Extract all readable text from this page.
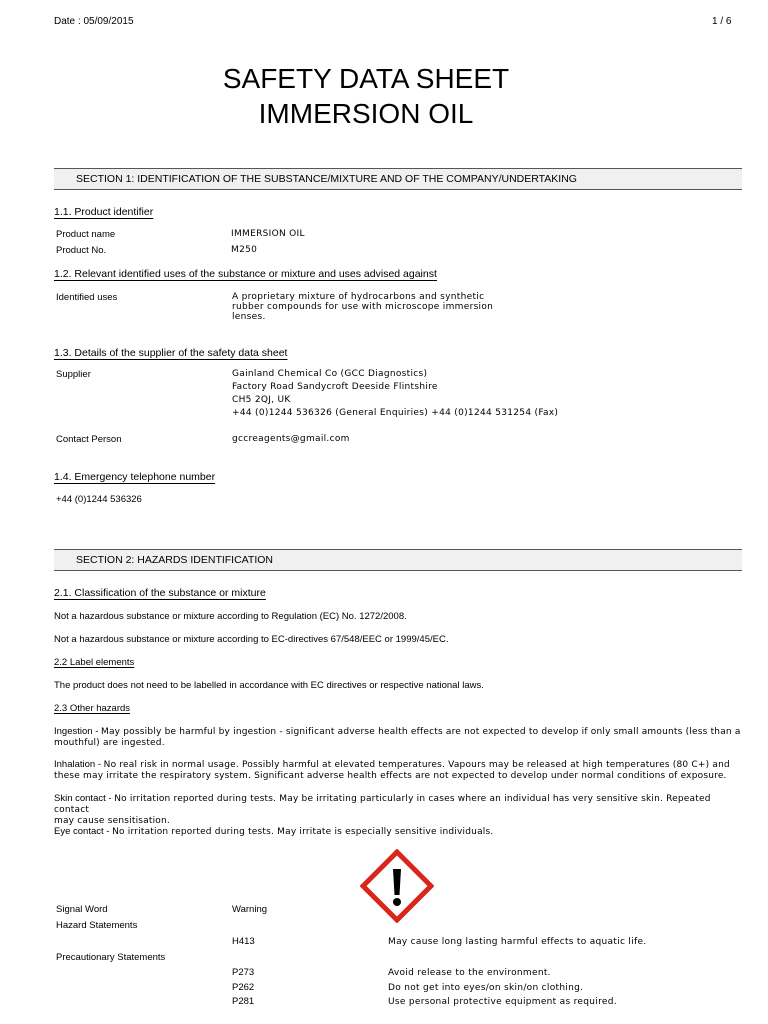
Date : 05/09/2015	1 / 6
SAFETY DATA SHEET
IMMERSION OIL
SECTION 1: IDENTIFICATION OF THE SUBSTANCE/MIXTURE AND OF THE COMPANY/UNDERTAKING
1.1. Product identifier
Product name	IMMERSION OIL
Product No.	M250
1.2. Relevant identified uses of the substance or mixture and uses advised against
Identified uses	A proprietary mixture of hydrocarbons and synthetic
rubber compounds for use with microscope immersion
lenses.
1.3. Details of the supplier of the safety data sheet
Supplier	Gainland Chemical Co (GCC Diagnostics)
Factory Road Sandycroft Deeside Flintshire
CH5 2QJ, UK
+44 (0)1244 536326 (General Enquiries) +44 (0)1244 531254 (Fax)
Contact Person	gccreagents@gmail.com
1.4. Emergency telephone number
+44 (0)1244 536326
SECTION 2: HAZARDS IDENTIFICATION
2.1. Classification of the substance or mixture
Not a hazardous substance or mixture according to Regulation (EC) No. 1272/2008.
Not a hazardous substance or mixture according to EC-directives 67/548/EEC or 1999/45/EC.
2.2 Label elements
The product does not need to be labelled in accordance with EC directives or respective national laws.
2.3 Other hazards
Ingestion - May possibly be harmful by ingestion - significant adverse health effects are not expected to develop if only small amounts (less than a
mouthful) are ingested.
Inhalation - No real risk in normal usage. Possibly harmful at elevated temperatures. Vapours may be released at high temperatures (80 C+) and
these may irritate the respiratory system. Significant adverse health effects are not expected to develop under normal conditions of exposure.
Skin contact - No irritation reported during tests. May be irritating particularly in cases where an individual has very sensitive skin. Repeated contact
may cause sensitisation.
Eye contact - No irritation reported during tests. May irritate is especially sensitive individuals.
Signal Word	Warning
Hazard Statements
H413	May cause long lasting harmful effects to aquatic life.
Precautionary Statements
P273	Avoid release to the environment.
P262	Do not get into eyes/on skin/on clothing.
P281	Use personal protective equipment as required.
